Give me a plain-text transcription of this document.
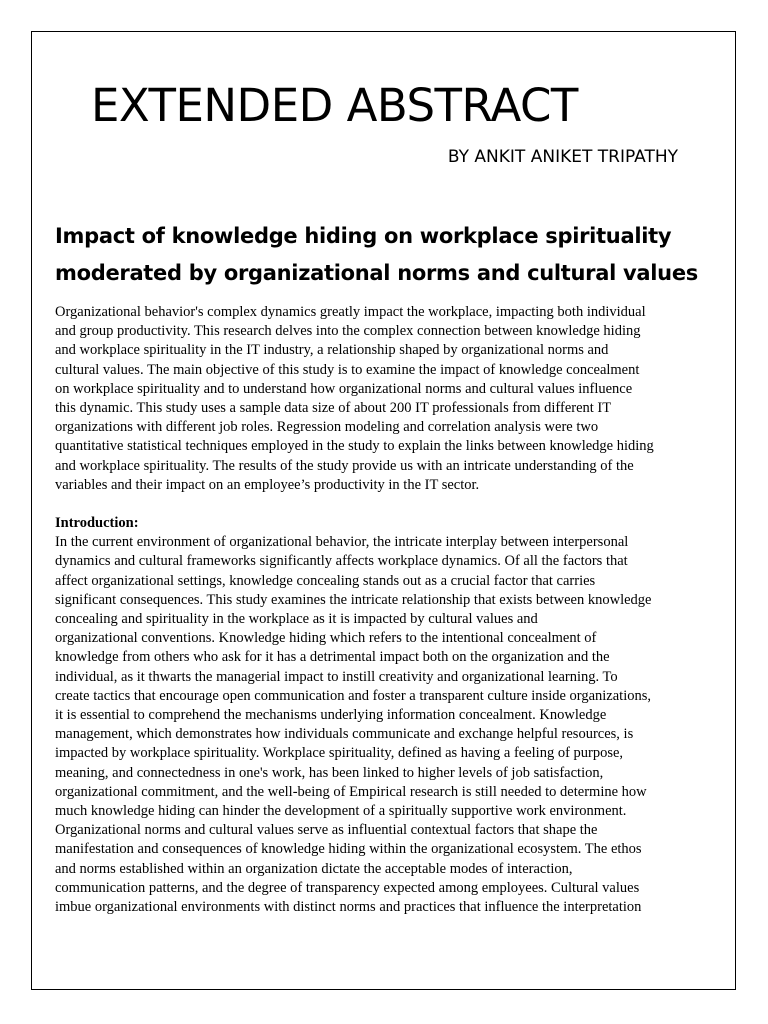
EXTENDED ABSTRACT
BY ANKIT ANIKET TRIPATHY
Impact of knowledge hiding on workplace spirituality
moderated by organizational norms and cultural values
Organizational behavior's complex dynamics greatly impact the workplace, impacting both individual
and group productivity. This research delves into the complex connection between knowledge hiding
and workplace spirituality in the IT industry, a relationship shaped by organizational norms and
cultural values. The main objective of this study is to examine the impact of knowledge concealment
on workplace spirituality and to understand how organizational norms and cultural values influence
this dynamic. This study uses a sample data size of about 200 IT professionals from different IT
organizations with different job roles. Regression modeling and correlation analysis were two
quantitative statistical techniques employed in the study to explain the links between knowledge hiding
and workplace spirituality. The results of the study provide us with an intricate understanding of the
variables and their impact on an employee’s productivity in the IT sector.
Introduction:
In the current environment of organizational behavior, the intricate interplay between interpersonal
dynamics and cultural frameworks significantly affects workplace dynamics. Of all the factors that
affect organizational settings, knowledge concealing stands out as a crucial factor that carries
significant consequences. This study examines the intricate relationship that exists between knowledge
concealing and spirituality in the workplace as it is impacted by cultural values and
organizational conventions. Knowledge hiding which refers to the intentional concealment of
knowledge from others who ask for it has a detrimental impact both on the organization and the
individual, as it thwarts the managerial impact to instill creativity and organizational learning. To
create tactics that encourage open communication and foster a transparent culture inside organizations,
it is essential to comprehend the mechanisms underlying information concealment. Knowledge
management, which demonstrates how individuals communicate and exchange helpful resources, is
impacted by workplace spirituality. Workplace spirituality, defined as having a feeling of purpose,
meaning, and connectedness in one's work, has been linked to higher levels of job satisfaction,
organizational commitment, and the well-being of Empirical research is still needed to determine how
much knowledge hiding can hinder the development of a spiritually supportive work environment.
Organizational norms and cultural values serve as influential contextual factors that shape the
manifestation and consequences of knowledge hiding within the organizational ecosystem. The ethos
and norms established within an organization dictate the acceptable modes of interaction,
communication patterns, and the degree of transparency expected among employees. Cultural values
imbue organizational environments with distinct norms and practices that influence the interpretation
